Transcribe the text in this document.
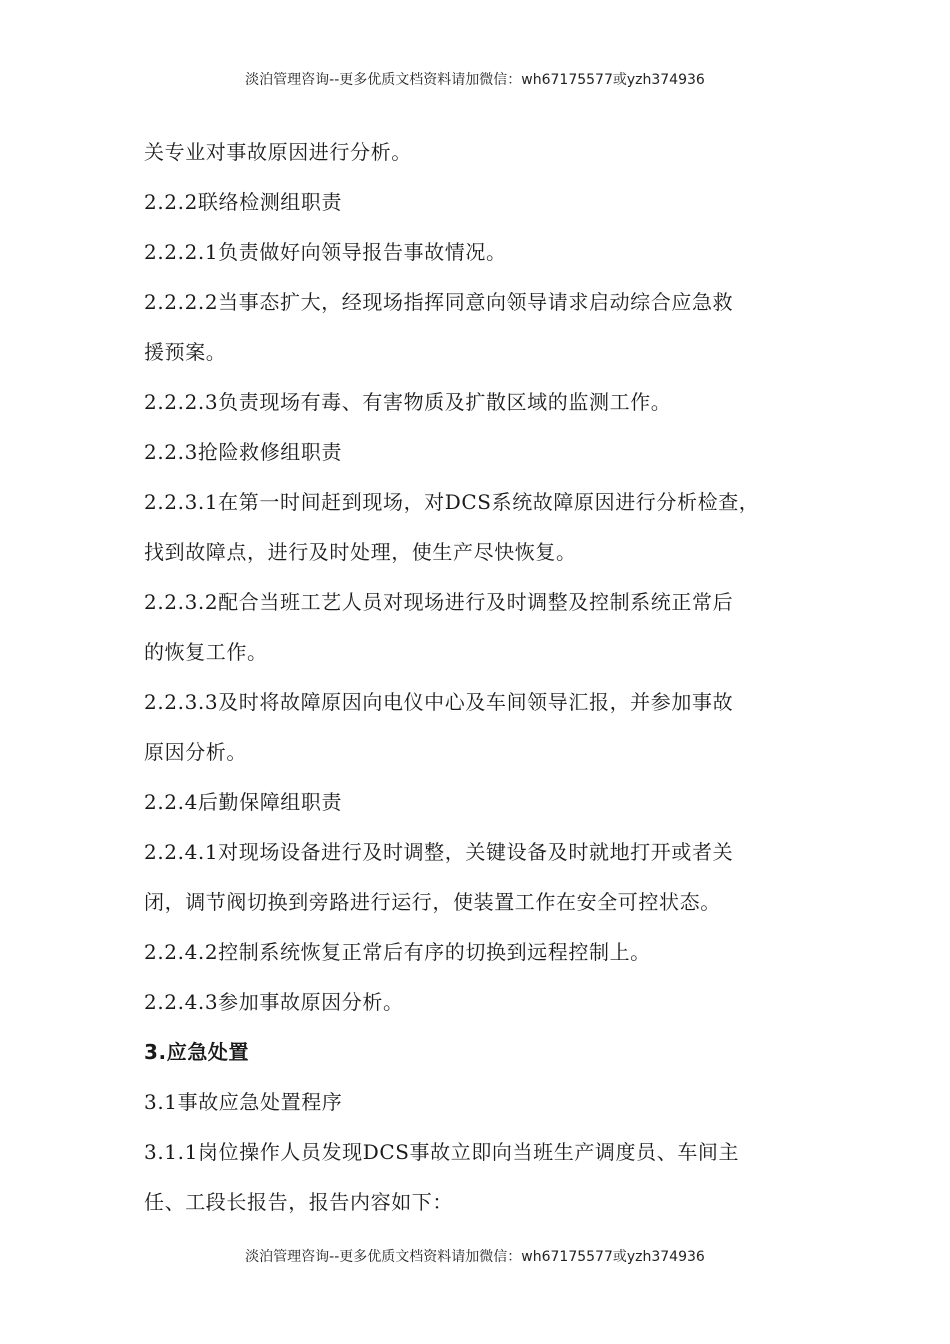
淡泊管理咨询--更多优质文档资料请加微信：wh67175577或yzh374936
关专业对事故原因进行分析。
2.2.2联络检测组职责
2.2.2.1负责做好向领导报告事故情况。
2.2.2.2当事态扩大，经现场指挥同意向领导请求启动综合应急救
援预案。
2.2.2.3负责现场有毒、有害物质及扩散区域的监测工作。
2.2.3抢险救修组职责
2.2.3.1在第一时间赶到现场，对DCS系统故障原因进行分析检查，
找到故障点，进行及时处理，使生产尽快恢复。
2.2.3.2配合当班工艺人员对现场进行及时调整及控制系统正常后
的恢复工作。
2.2.3.3及时将故障原因向电仪中心及车间领导汇报，并参加事故
原因分析。
2.2.4后勤保障组职责
2.2.4.1对现场设备进行及时调整，关键设备及时就地打开或者关
闭，调节阀切换到旁路进行运行，使装置工作在安全可控状态。
2.2.4.2控制系统恢复正常后有序的切换到远程控制上。
2.2.4.3参加事故原因分析。
3.应急处置
3.1事故应急处置程序
3.1.1岗位操作人员发现DCS事故立即向当班生产调度员、车间主
任、工段长报告，报告内容如下：
淡泊管理咨询--更多优质文档资料请加微信：wh67175577或yzh374936
